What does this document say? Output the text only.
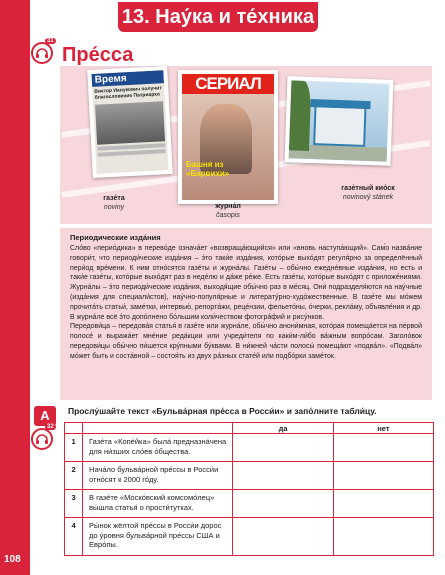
13. Нау́ка и те́хника
31
Пре́сса
Время
Виктор Ианукович получит благословение Патриарха
газе́та
noviny
СЕРИАЛ
Башня из «Барвихи»
журна́л
časopis
газе́тный кио́ск
novinový stánek
Периодические изда́ния

Сло́во «периóдика» в перево́де означа́ет «возвраща́ющийся» или «вновь наступа́ющий». Сам́о назва́ние говори́т, что периоди́ческие изда́ния – э́то таки́е изда́ния, кото́рые выхо́дят регуля́рно за определённый пери́од вре́мени. К ним отно́сятся газе́ты и журна́лы. Газе́ты – обы́чно ежедне́вные изда́ния, но есть и таки́е газе́ты, кото́рые выхо́дят раз в неде́лю и да́же ре́же. Есть газе́ты, кото́рые выхо́дят с приложе́ниями. Журна́лы – э́то периоди́ческие изда́ния, выходя́щие обы́чно раз в ме́сяц. Они́ подразделя́ются на нау́чные (изда́ния для специали́стов), нау́чно-популя́рные и литерату́рно-худо́жественные. В газе́те мы мо́жем прочита́ть статьи́, заме́тки, интервью́, репорта́жи, реце́нзии, фельето́ны, о́черки, рекла́му, объявле́ния и др. В журна́ле всё э́то допо́лнено бо́льшим коли́чеством фотогра́фий и рису́нков.

Передови́ца – передова́я статья́ в газе́те или журна́ле, обы́чно анони́мная, кото́рая помеща́ется на пе́рвой полосе́ и выража́ет мне́ние реда́кции или учреди́теля по каки́м-ли́бо ва́жным вопро́сам. Заголо́вок передови́цы обы́чно пи́шется кру́пными бу́квами. В ни́жней ча́сти полосы́ помеща́ют «подва́л». «Подва́л» мо́жет быть и соста́вной – состоя́ть из двух ра́зных стате́й или подбо́рки заме́ток.

A
32
Прослу́шайте текст «Бульва́рная пре́сса в Росси́и» и запо́лните табли́цу.
		да	нет
1	Газе́та «Копе́йка» была́ предназна́чена для ни́зших сло́ев о́бщества.		
2	Нача́ло бульва́рной пре́ссы в Росси́и отно́сят к 2000 го́ду.		
3	В газе́те «Моско́вский комсомо́лец» вы́шла статья́ о прости́тутках.		
4	Ры́нок жёлтой пре́ссы в Росси́и дорос до у́ровня бульва́рной пре́ссы США и Евро́пы.		
108
